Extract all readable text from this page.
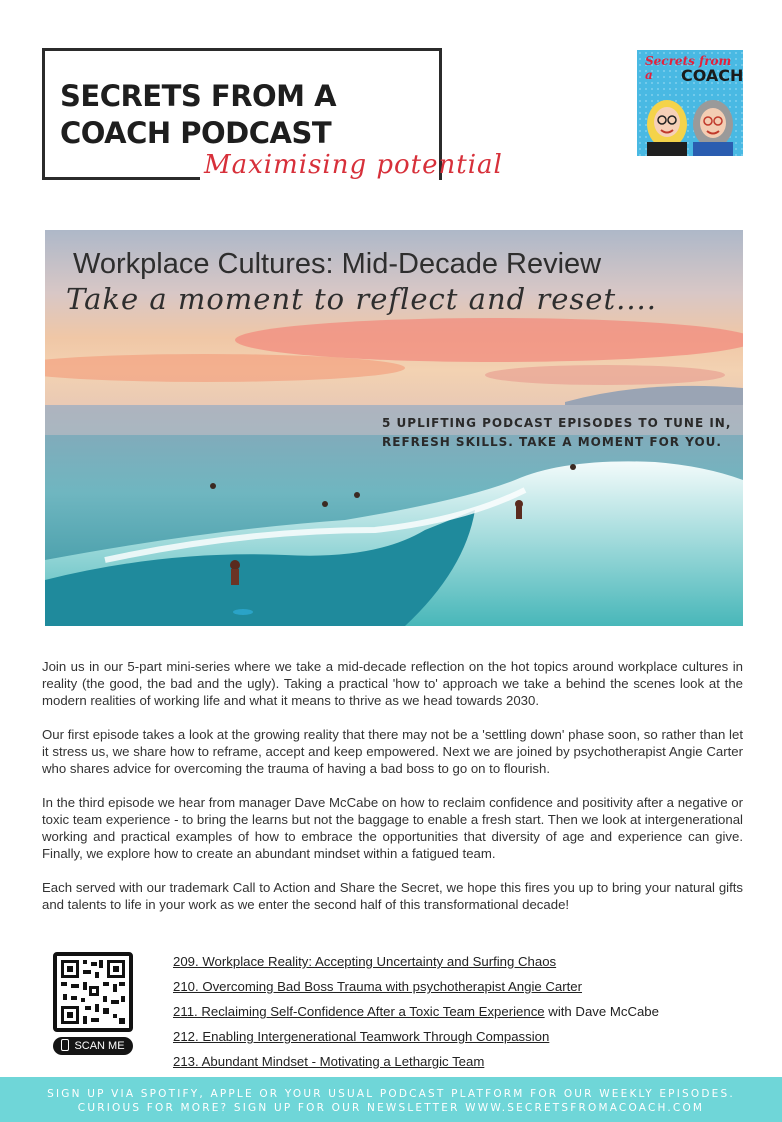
SECRETS FROM A
COACH PODCAST
Maximising potential
Secrets from a	COACH
Workplace Cultures: Mid-Decade Review
Take a moment to reflect and reset....
5 UPLIFTING PODCAST EPISODES TO TUNE IN,
REFRESH SKILLS. TAKE A MOMENT FOR YOU.

Join us in our 5-part mini-series where we take a mid-decade reflection on the hot topics around workplace cultures in reality (the good, the bad and the ugly). Taking a practical 'how to' approach we take a behind the scenes look at the modern realities of working life and what it means to thrive as we head towards 2030.

Our first episode takes a look at the growing reality that there may not be a 'settling down' phase soon, so rather than let it stress us, we share how to reframe, accept and keep empowered. Next we are joined by psychotherapist Angie Carter who shares advice for overcoming the trauma of having a bad boss to go on to flourish.

In the third episode we hear from manager Dave McCabe on how to reclaim confidence and positivity after a negative or toxic team experience - to bring the learns but not the baggage to enable a fresh start. Then we look at intergenerational working and practical examples of how to embrace the opportunities that diversity of age and experience can give. Finally, we explore how to create an abundant mindset within a fatigued team.

Each served with our trademark Call to Action and Share the Secret, we hope this fires you up to bring your natural gifts and talents to life in your work as we enter the second half of this transformational decade!

SCAN ME
209. Workplace Reality: Accepting Uncertainty and Surfing Chaos
210. Overcoming Bad Boss Trauma with psychotherapist Angie Carter
211. Reclaiming Self-Confidence After a Toxic Team Experience with Dave McCabe
212. Enabling Intergenerational Teamwork Through Compassion
213. Abundant Mindset - Motivating a Lethargic Team
SIGN UP VIA SPOTIFY, APPLE OR YOUR USUAL PODCAST PLATFORM FOR OUR WEEKLY EPISODES.
CURIOUS FOR MORE? SIGN UP FOR OUR NEWSLETTER WWW.SECRETSFROMACOACH.COM
